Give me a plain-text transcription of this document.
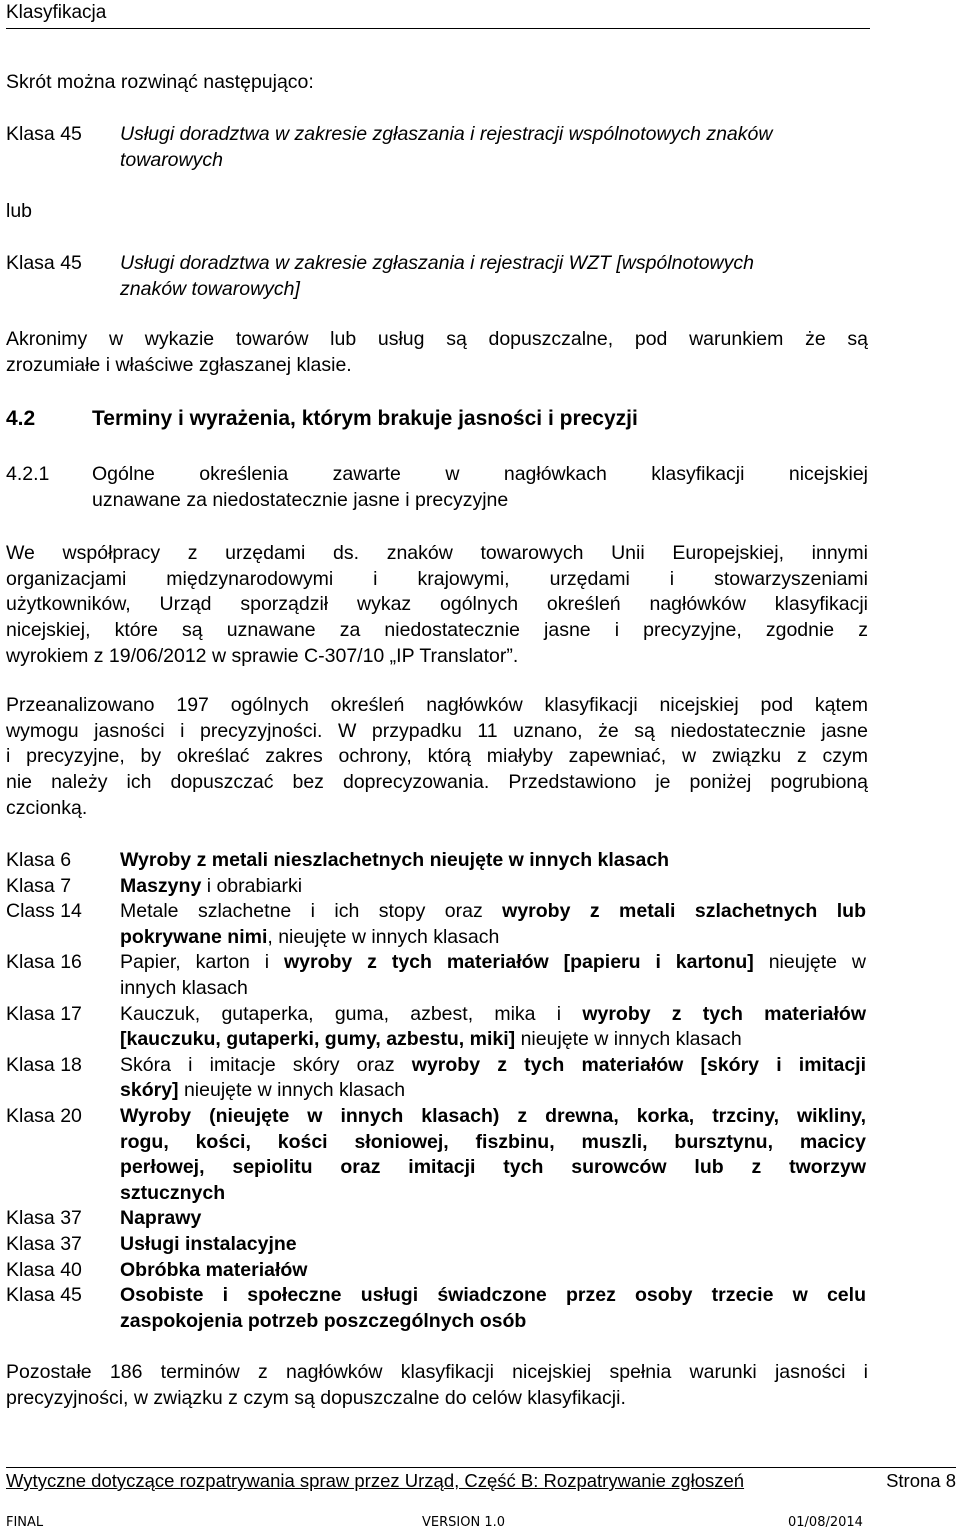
Klasyfikacja
Skrót można rozwinąć następująco:
Klasa 45 Usługi doradztwa w zakresie zgłaszania i rejestracji wspólnotowych znaków
towarowych
lub
Klasa 45 Usługi doradztwa w zakresie zgłaszania i rejestracji WZT [wspólnotowych
znaków towarowych]
Akronimy w wykazie towarów lub usług są dopuszczalne, pod warunkiem że są
zrozumiałe i właściwe zgłaszanej klasie.
4.2	Terminy i wyrażenia, którym brakuje jasności i precyzji
4.2.1 Ogólne określenia zawarte w nagłówkach klasyfikacji nicejskiej
uznawane za niedostatecznie jasne i precyzyjne
We współpracy z urzędami ds. znaków towarowych Unii Europejskiej, innymi
organizacjami międzynarodowymi i krajowymi, urzędami i stowarzyszeniami
użytkowników, Urząd sporządził wykaz ogólnych określeń nagłówków klasyfikacji
nicejskiej, które są uznawane za niedostatecznie jasne i precyzyjne, zgodnie z
wyrokiem z 19/06/2012 w sprawie C-307/10 „IP Translator”.
Przeanalizowano 197 ogólnych określeń nagłówków klasyfikacji nicejskiej pod kątem
wymogu jasności i precyzyjności. W przypadku 11 uznano, że są niedostatecznie jasne
i precyzyjne, by określać zakres ochrony, którą miałyby zapewniać, w związku z czym
nie należy ich dopuszczać bez doprecyzowania. Przedstawiono je poniżej pogrubioną
czcionką.
Klasa 6	Wyroby z metali nieszlachetnych nieujęte w innych klasach
Klasa 7	Maszyny i obrabiarki
Class 14 Metale szlachetne i ich stopy oraz wyroby z metali szlachetnych lub
pokrywane nimi, nieujęte w innych klasach
Klasa 16 Papier, karton i wyroby z tych materiałów [papieru i kartonu] nieujęte w
innych klasach
Klasa 17 Kauczuk, gutaperka, guma, azbest, mika i wyroby z tych materiałów
[kauczuku, gutaperki, gumy, azbestu, miki] nieujęte w innych klasach
Klasa 18 Skóra i imitacje skóry oraz wyroby z tych materiałów [skóry i imitacji
skóry] nieujęte w innych klasach
Klasa 20 Wyroby (nieujęte w innych klasach) z drewna, korka, trzciny, wikliny,
rogu, kości, kości słoniowej, fiszbinu, muszli, bursztynu, macicy
perłowej, sepiolitu oraz imitacji tych surowców lub z tworzyw
sztucznych
Klasa 37 Naprawy
Klasa 37 Usługi instalacyjne
Klasa 40 Obróbka materiałów
Klasa 45 Osobiste i społeczne usługi świadczone przez osoby trzecie w celu
zaspokojenia potrzeb poszczególnych osób
Pozostałe 186 terminów z nagłówków klasyfikacji nicejskiej spełnia warunki jasności i
precyzyjności, w związku z czym są dopuszczalne do celów klasyfikacji.
Wytyczne dotyczące rozpatrywania spraw przez Urząd, Część B: Rozpatrywanie zgłoszeń	Strona 8
FINAL	VERSION 1.0	01/08/2014
